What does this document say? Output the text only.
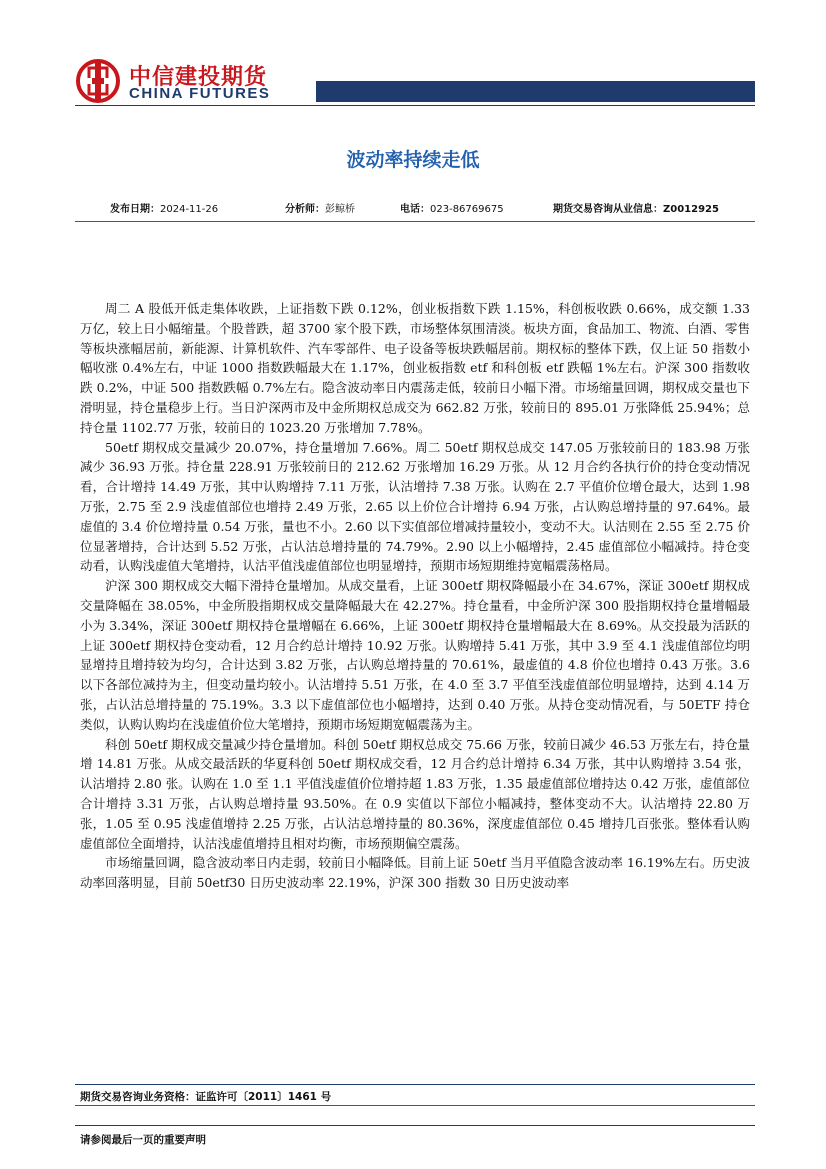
中信建投期货
CHINA FUTURES
波动率持续走低
发布日期：2024-11-26	分析师：彭鲸桥	电话：023-86769675	期货交易咨询从业信息：Z0012925

周二 A 股低开低走集体收跌，上证指数下跌 0.12%，创业板指数下跌 1.15%，科创板收跌 0.66%，成交额 1.33 万亿，较上日小幅缩量。个股普跌，超 3700 家个股下跌，市场整体氛围清淡。板块方面，食品加工、物流、白酒、零售等板块涨幅居前，新能源、计算机软件、汽车零部件、电子设备等板块跌幅居前。期权标的整体下跌，仅上证 50 指数小幅收涨 0.4%左右，中证 1000 指数跌幅最大在 1.17%，创业板指数 etf 和科创板 etf 跌幅 1%左右。沪深 300 指数收跌 0.2%，中证 500 指数跌幅 0.7%左右。隐含波动率日内震荡走低，较前日小幅下滑。市场缩量回调，期权成交量也下滑明显，持仓量稳步上行。当日沪深两市及中金所期权总成交为 662.82 万张，较前日的 895.01 万张降低 25.94%；总持仓量 1102.77 万张，较前日的 1023.20 万张增加 7.78%。

50etf 期权成交量减少 20.07%，持仓量增加 7.66%。周二 50etf 期权总成交 147.05 万张较前日的 183.98 万张减少 36.93 万张。持仓量 228.91 万张较前日的 212.62 万张增加 16.29 万张。从 12 月合约各执行价的持仓变动情况看，合计增持 14.49 万张，其中认购增持 7.11 万张，认沽增持 7.38 万张。认购在 2.7 平值价位增仓最大，达到 1.98 万张，2.75 至 2.9 浅虚值部位也增持 2.49 万张，2.65 以上价位合计增持 6.94 万张，占认购总增持量的 97.64%。最虚值的 3.4 价位增持量 0.54 万张，量也不小。2.60 以下实值部位增减持量较小，变动不大。认沽则在 2.55 至 2.75 价位显著增持，合计达到 5.52 万张，占认沽总增持量的 74.79%。2.90 以上小幅增持，2.45 虚值部位小幅减持。持仓变动看，认购浅虚值大笔增持，认沽平值浅虚值部位也明显增持，预期市场短期维持宽幅震荡格局。

沪深 300 期权成交大幅下滑持仓量增加。从成交量看，上证 300etf 期权降幅最小在 34.67%，深证 300etf 期权成交量降幅在 38.05%，中金所股指期权成交量降幅最大在 42.27%。持仓量看，中金所沪深 300 股指期权持仓量增幅最小为 3.34%，深证 300etf 期权持仓量增幅在 6.66%，上证 300etf 期权持仓量增幅最大在 8.69%。从交投最为活跃的上证 300etf 期权持仓变动看，12 月合约总计增持 10.92 万张。认购增持 5.41 万张，其中 3.9 至 4.1 浅虚值部位均明显增持且增持较为均匀，合计达到 3.82 万张，占认购总增持量的 70.61%，最虚值的 4.8 价位也增持 0.43 万张。3.6 以下各部位减持为主，但变动量均较小。认沽增持 5.51 万张，在 4.0 至 3.7 平值至浅虚值部位明显增持，达到 4.14 万张，占认沽总增持量的 75.19%。3.3 以下虚值部位也小幅增持，达到 0.40 万张。从持仓变动情况看，与 50ETF 持仓类似，认购认购均在浅虚值价位大笔增持，预期市场短期宽幅震荡为主。

科创 50etf 期权成交量减少持仓量增加。科创 50etf 期权总成交 75.66 万张，较前日减少 46.53 万张左右，持仓量增 14.81 万张。从成交最活跃的华夏科创 50etf 期权成交看，12 月合约总计增持 6.34 万张，其中认购增持 3.54 张，认沽增持 2.80 张。认购在 1.0 至 1.1 平值浅虚值价位增持超 1.83 万张，1.35 最虚值部位增持达 0.42 万张，虚值部位合计增持 3.31 万张，占认购总增持量 93.50%。在 0.9 实值以下部位小幅减持，整体变动不大。认沽增持 22.80 万张，1.05 至 0.95 浅虚值增持 2.25 万张，占认沽总增持量的 80.36%，深度虚值部位 0.45 增持几百张张。整体看认购虚值部位全面增持，认沽浅虚值增持且相对均衡，市场预期偏空震荡。

市场缩量回调，隐含波动率日内走弱，较前日小幅降低。目前上证 50etf 当月平值隐含波动率 16.19%左右。历史波动率回落明显，目前 50etf30 日历史波动率 22.19%，沪深 300 指数 30 日历史波动率

期货交易咨询业务资格：证监许可〔2011〕1461 号
请参阅最后一页的重要声明
